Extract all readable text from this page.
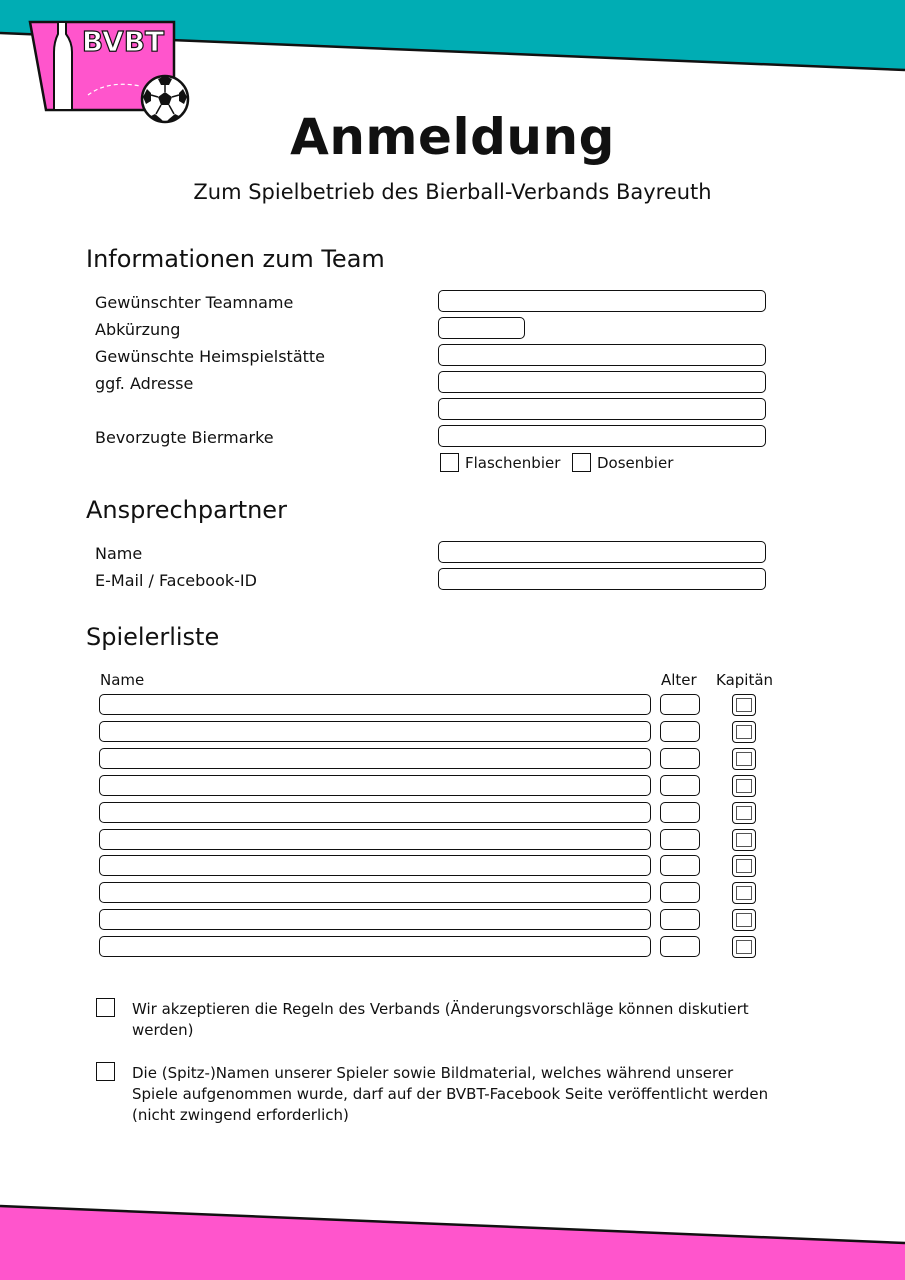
BVBT
Anmeldung
Zum Spielbetrieb des Bierball-Verbands Bayreuth
Informationen zum Team
Gewünschter Teamname
Abkürzung
Gewünschte Heimspielstätte
ggf. Adresse
Bevorzugte Biermarke
Flaschenbier Dosenbier
Ansprechpartner
Name
E-Mail / Facebook-ID
Spielerliste
Name	Alter Kapitän
Wir akzeptieren die Regeln des Verbands (Änderungsvorschläge können diskutiert werden)
Die (Spitz-)Namen unserer Spieler sowie Bildmaterial, welches während unserer Spiele aufgenommen wurde, darf auf der BVBT-Facebook Seite veröffentlicht werden (nicht zwingend erforderlich)
